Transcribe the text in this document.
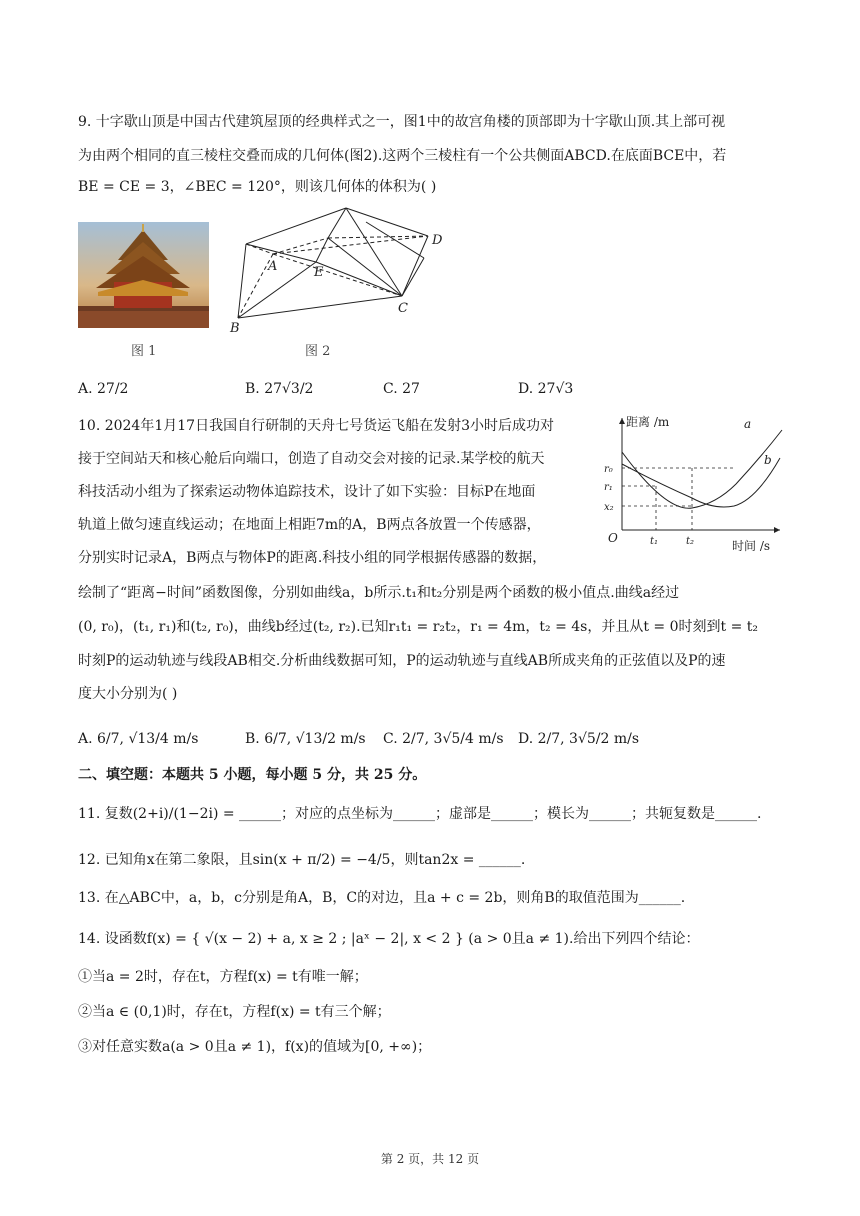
9. 十字歇山顶是中国古代建筑屋顶的经典样式之一，图1中的故宫角楼的顶部即为十字歇山顶.其上部可视
为由两个相同的直三棱柱交叠而成的几何体(图2).这两个三棱柱有一个公共侧面ABCD.在底面BCE中，若
BE = CE = 3，∠BEC = 120°，则该几何体的体积为( )
图 1
A
B
C
D
E
图 2
A. 27/2	B. 27√3/2	C. 27	D. 27√3
10. 2024年1月17日我国自行研制的天舟七号货运飞船在发射3小时后成功对
接于空间站天和核心舱后向端口，创造了自动交会对接的记录.某学校的航天
科技活动小组为了探索运动物体追踪技术，设计了如下实验：目标P在地面
轨道上做匀速直线运动；在地面上相距7m的A，B两点各放置一个传感器，
分别实时记录A，B两点与物体P的距离.科技小组的同学根据传感器的数据，
绘制了“距离−时间”函数图像，分别如曲线a，b所示.t₁和t₂分别是两个函数的极小值点.曲线a经过
(0, r₀)，(t₁, r₁)和(t₂, r₀)，曲线b经过(t₂, r₂).已知r₁t₁ = r₂t₂，r₁ = 4m，t₂ = 4s，并且从t = 0时刻到t = t₂
时刻P的运动轨迹与线段AB相交.分析曲线数据可知，P的运动轨迹与直线AB所成夹角的正弦值以及P的速
度大小分别为( )
距离 /m
时间 /s
O
a
b
r₀
r₁
x₂
t₁	t₂
A. 6/7, √13/4 m/s	B. 6/7, √13/2 m/s C. 2/7, 3√5/4 m/s D. 2/7, 3√5/2 m/s
二、填空题：本题共 5 小题，每小题 5 分，共 25 分。
11. 复数(2+i)/(1−2i) = ______；对应的点坐标为______；虚部是______；模长为______；共轭复数是______.
12. 已知角x在第二象限，且sin(x + π/2) = −4/5，则tan2x = ______.
13. 在△ABC中，a，b，c分别是角A，B，C的对边，且a + c = 2b，则角B的取值范围为______.
14. 设函数f(x) = { √(x − 2) + a, x ≥ 2 ; |aˣ − 2|, x < 2 } (a > 0且a ≠ 1).给出下列四个结论：
①当a = 2时，存在t，方程f(x) = t有唯一解；
②当a ∈ (0,1)时，存在t，方程f(x) = t有三个解；
③对任意实数a(a > 0且a ≠ 1)，f(x)的值域为[0, +∞)；
第 2 页，共 12 页
